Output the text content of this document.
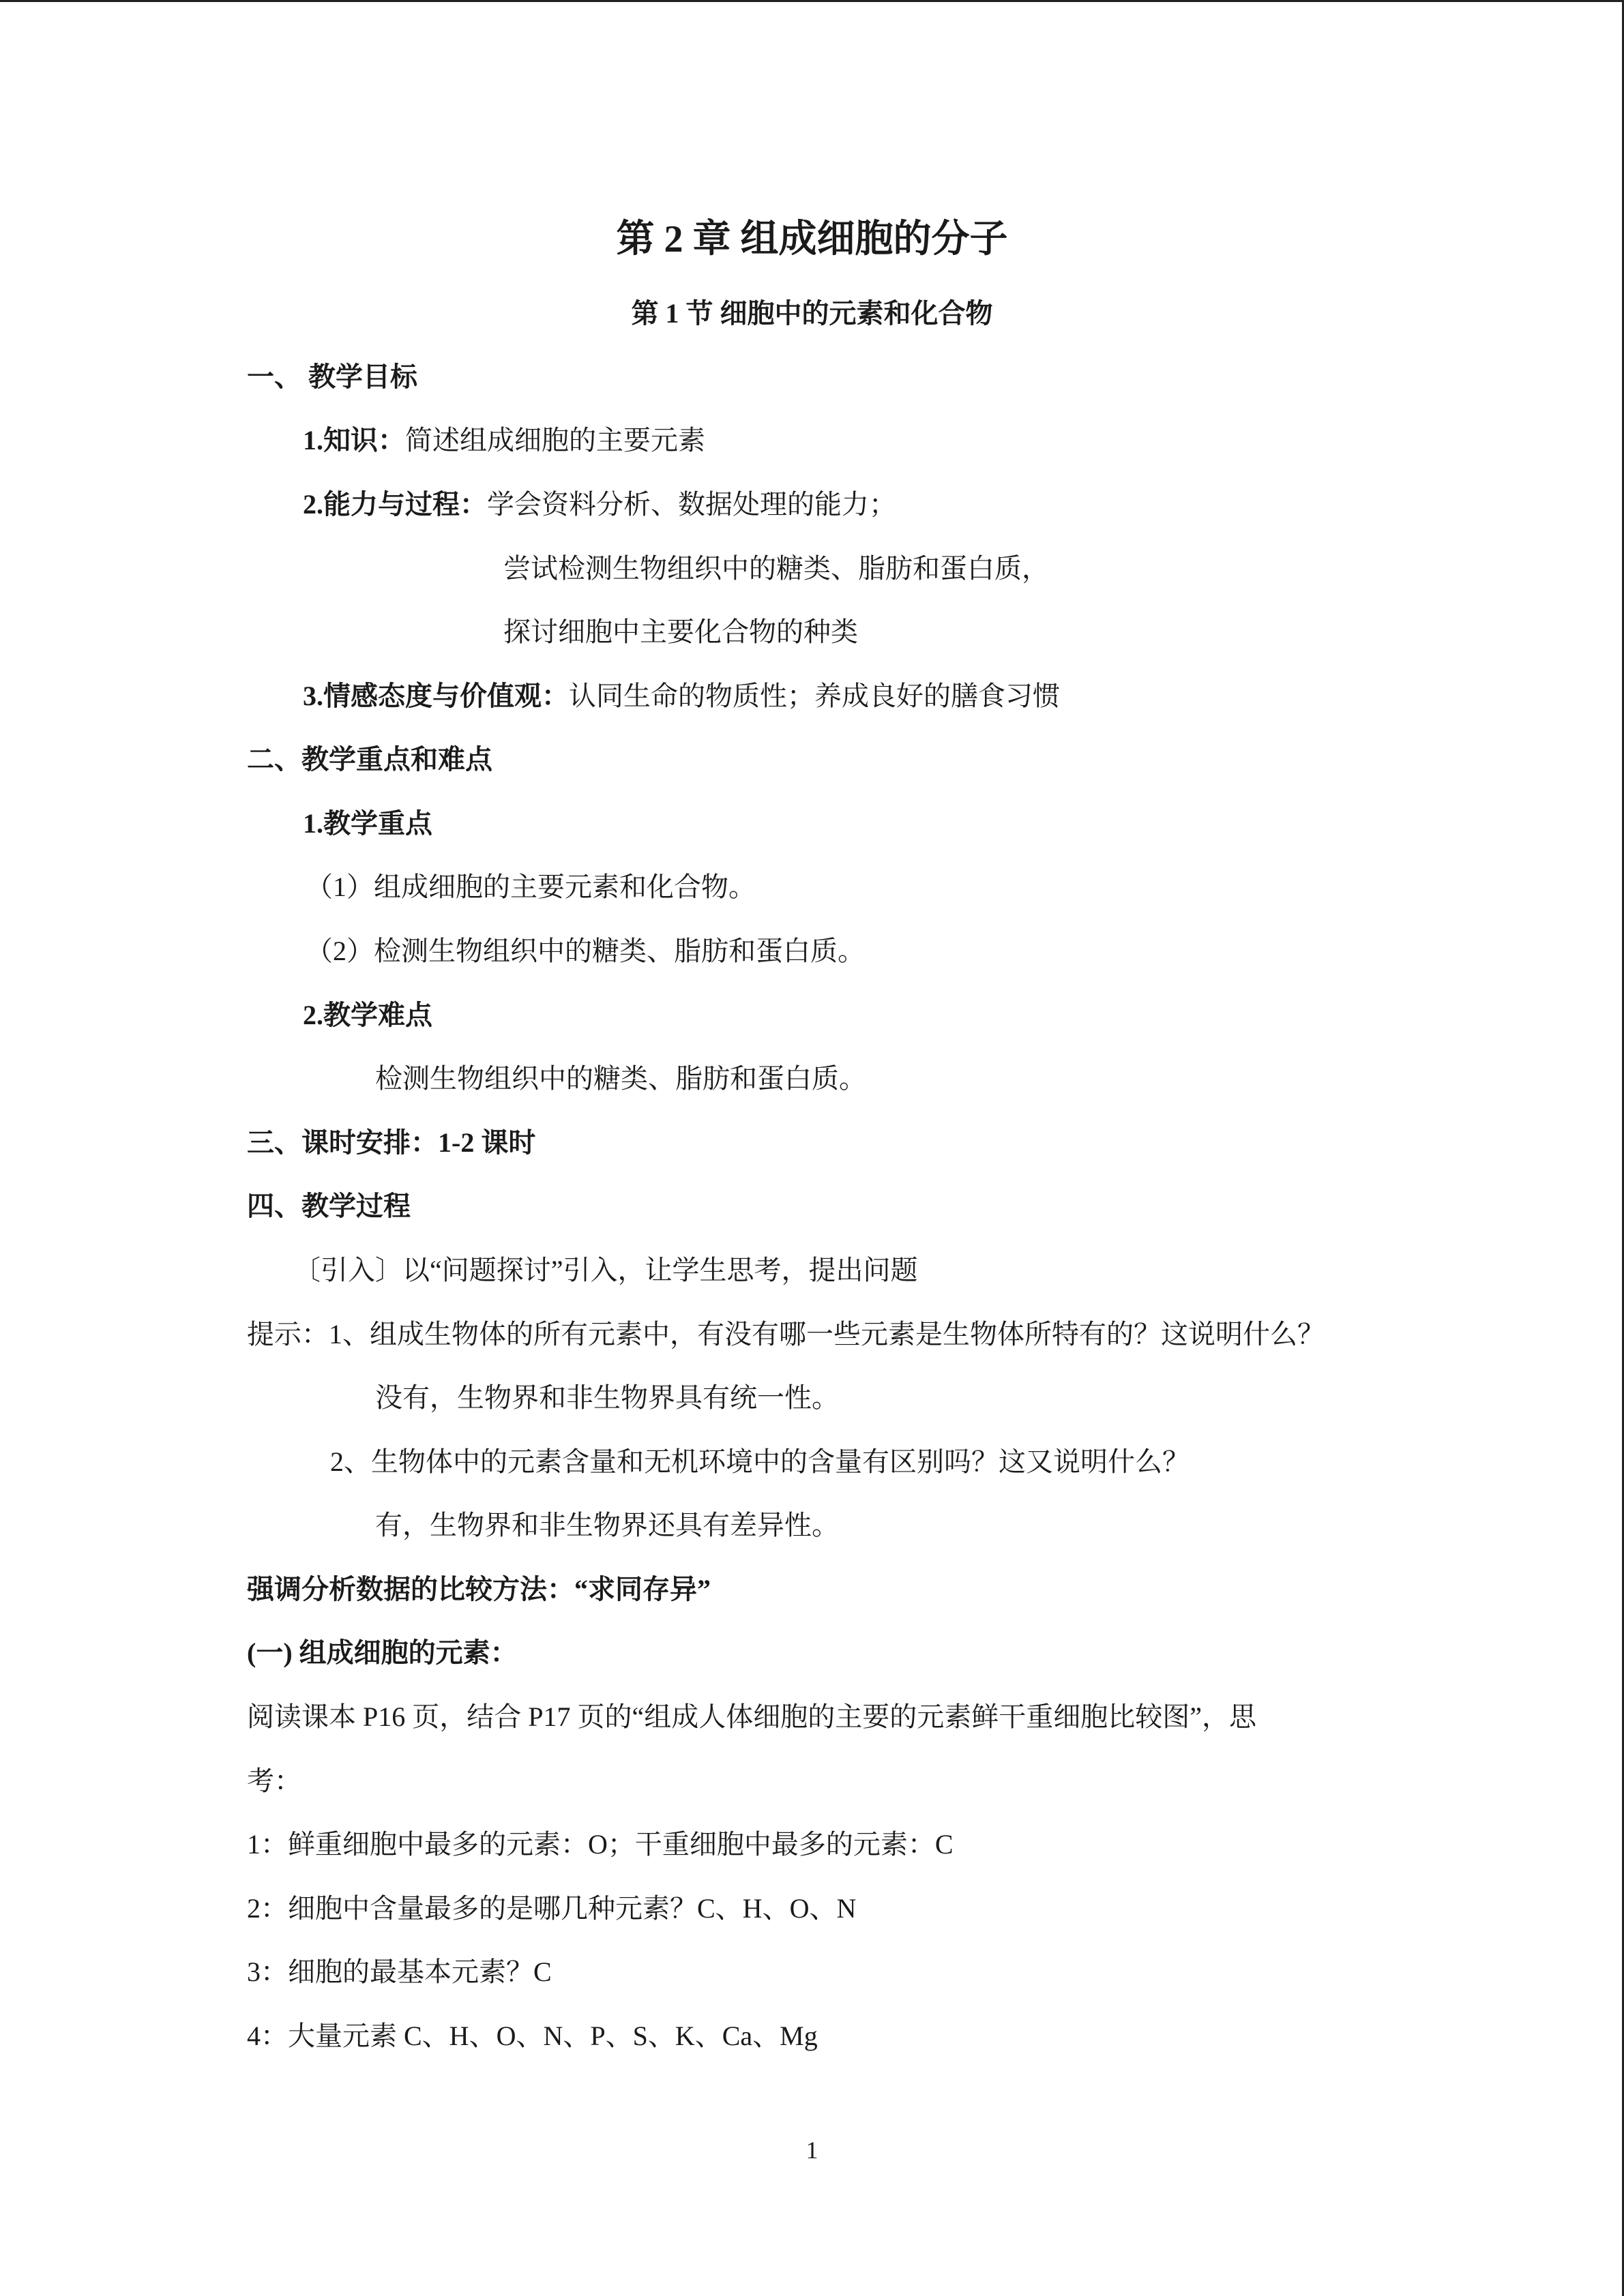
第 2 章 组成细胞的分子
第 1 节 细胞中的元素和化合物

一、 教学目标

1.知识：简述组成细胞的主要元素

2.能力与过程：学会资料分析、数据处理的能力；

尝试检测生物组织中的糖类、脂肪和蛋白质，

探讨细胞中主要化合物的种类

3.情感态度与价值观：认同生命的物质性；养成良好的膳食习惯

二、教学重点和难点

1.教学重点

（1）组成细胞的主要元素和化合物。

（2）检测生物组织中的糖类、脂肪和蛋白质。

2.教学难点

检测生物组织中的糖类、脂肪和蛋白质。

三、课时安排：1-2 课时

四、教学过程

〔引入〕以“问题探讨”引入，让学生思考，提出问题

提示：1、组成生物体的所有元素中，有没有哪一些元素是生物体所特有的？这说明什么？

没有，生物界和非生物界具有统一性。

2、生物体中的元素含量和无机环境中的含量有区别吗？这又说明什么？

有，生物界和非生物界还具有差异性。

强调分析数据的比较方法：“求同存异”

(一) 组成细胞的元素：

阅读课本 P16 页，结合 P17 页的“组成人体细胞的主要的元素鲜干重细胞比较图”，思

考：

1：鲜重细胞中最多的元素：O；干重细胞中最多的元素：C

2：细胞中含量最多的是哪几种元素？C、H、O、N

3：细胞的最基本元素？C

4：大量元素 C、H、O、N、P、S、K、Ca、Mg

1
